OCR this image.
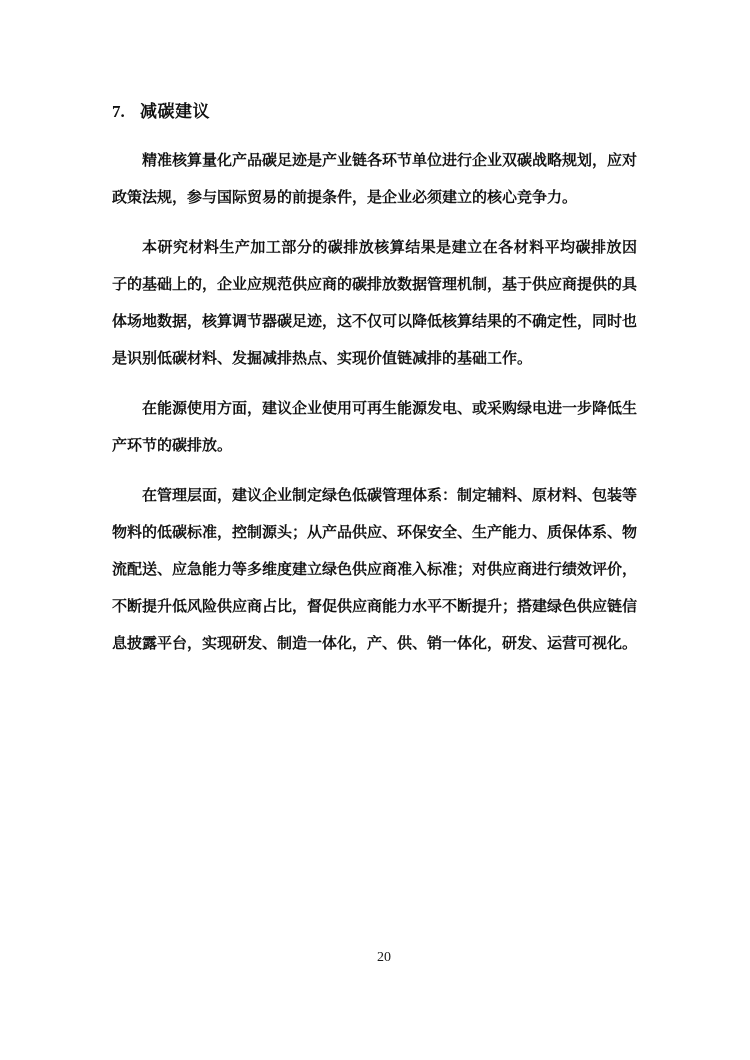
7. 减碳建议
精准核算量化产品碳足迹是产业链各环节单位进行企业双碳战略规划，应对
政策法规，参与国际贸易的前提条件，是企业必须建立的核心竞争力。
本研究材料生产加工部分的碳排放核算结果是建立在各材料平均碳排放因
子的基础上的，企业应规范供应商的碳排放数据管理机制，基于供应商提供的具
体场地数据，核算调节器碳足迹，这不仅可以降低核算结果的不确定性，同时也
是识别低碳材料、发掘减排热点、实现价值链减排的基础工作。
在能源使用方面，建议企业使用可再生能源发电、或采购绿电进一步降低生
产环节的碳排放。
在管理层面，建议企业制定绿色低碳管理体系：制定辅料、原材料、包装等
物料的低碳标准，控制源头；从产品供应、环保安全、生产能力、质保体系、物
流配送、应急能力等多维度建立绿色供应商准入标准；对供应商进行绩效评价，
不断提升低风险供应商占比，督促供应商能力水平不断提升；搭建绿色供应链信
息披露平台，实现研发、制造一体化，产、供、销一体化，研发、运营可视化。
20
